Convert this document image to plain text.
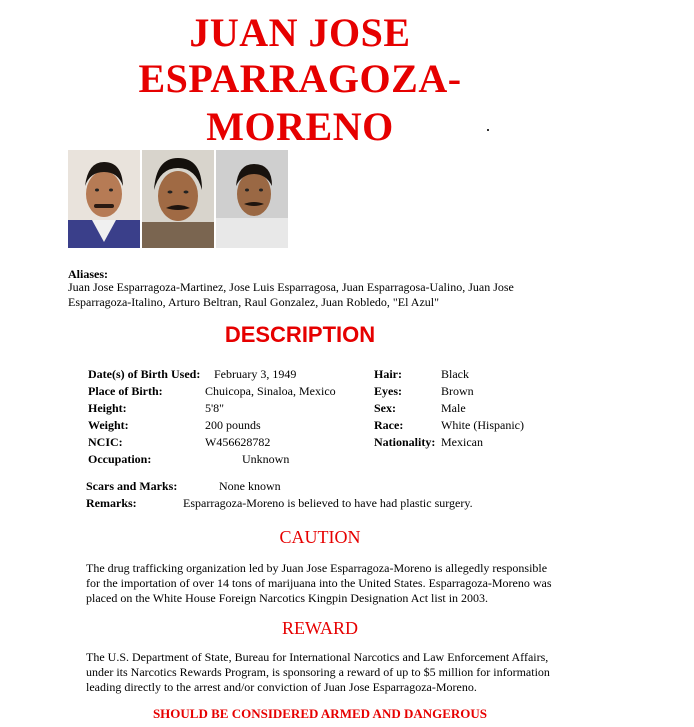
JUAN JOSE
ESPARRAGOZA-
MORENO
Aliases:
Juan Jose Esparragoza-Martinez, Jose Luis Esparragosa, Juan Esparragosa-Ualino, Juan Jose
Esparragoza-Italino, Arturo Beltran, Raul Gonzalez, Juan Robledo, "El Azul"
DESCRIPTION
Date(s) of Birth Used: February 3, 1949
Place of Birth:	Chuicopa, Sinaloa, Mexico
Height:	5'8"
Weight:	200 pounds
NCIC:	W456628782
Occupation:	Unknown
Hair:	Black
Eyes:	Brown
Sex:	Male
Race:	White (Hispanic)
Nationality: Mexican
Scars and Marks:	None known
Remarks:	Esparragoza-Moreno is believed to have had plastic surgery.
CAUTION
The drug trafficking organization led by Juan Jose Esparragoza-Moreno is allegedly responsible
for the importation of over 14 tons of marijuana into the United States. Esparragoza-Moreno was
placed on the White House Foreign Narcotics Kingpin Designation Act list in 2003.
REWARD
The U.S. Department of State, Bureau for International Narcotics and Law Enforcement Affairs,
under its Narcotics Rewards Program, is sponsoring a reward of up to $5 million for information
leading directly to the arrest and/or conviction of Juan Jose Esparragoza-Moreno.
SHOULD BE CONSIDERED ARMED AND DANGEROUS
